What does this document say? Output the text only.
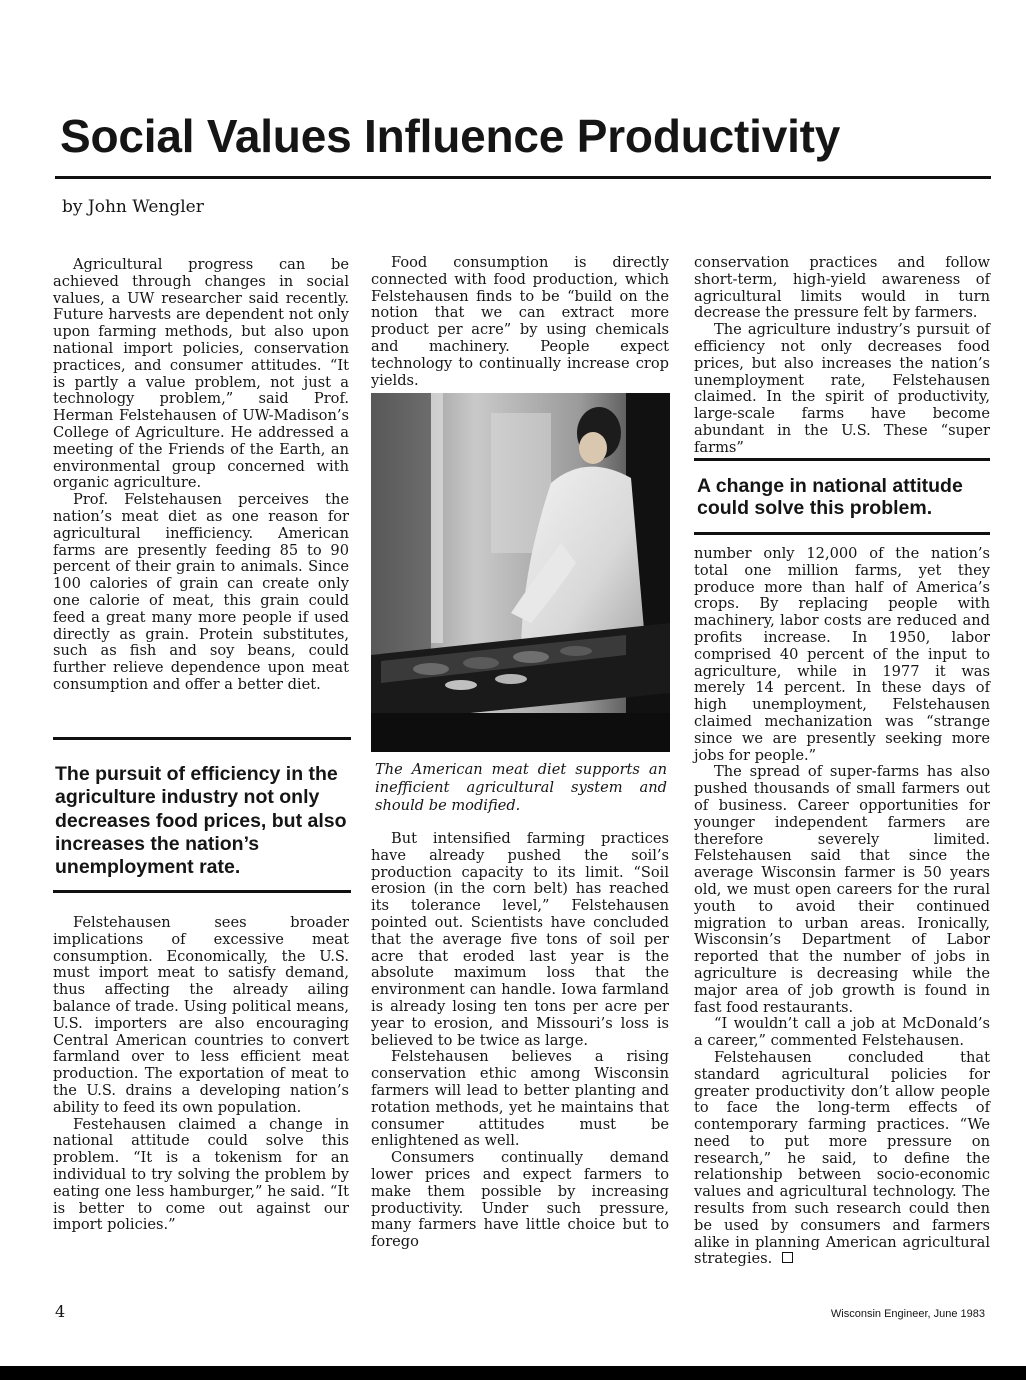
Social Values Influence Productivity

by John Wengler

Agricultural progress can be achieved through changes in social values, a UW researcher said recently. Future harvests are dependent not only upon farming methods, but also upon national import policies, conservation practices, and consumer attitudes. “It is partly a value problem, not just a technology problem,” said Prof. Herman Felstehausen of UW-Madison’s College of Agriculture. He addressed a meeting of the Friends of the Earth, an environmental group concerned with organic agriculture.

Prof. Felstehausen perceives the nation’s meat diet as one reason for agricultural inefficiency. American farms are presently feeding 85 to 90 percent of their grain to animals. Since 100 calories of grain can create only one calorie of meat, this grain could feed a great many more people if used directly as grain. Protein substitutes, such as fish and soy beans, could further relieve dependence upon meat consumption and offer a better diet.

The pursuit of efficiency in the agriculture industry not only decreases food prices, but also increases the nation’s unemployment rate.

Felstehausen sees broader implications of excessive meat consumption. Economically, the U.S. must import meat to satisfy demand, thus affecting the already ailing balance of trade. Using political means, U.S. importers are also encouraging Central American countries to convert farmland over to less efficient meat production. The exportation of meat to the U.S. drains a developing nation’s ability to feed its own population.

Festehausen claimed a change in national attitude could solve this problem. “It is a tokenism for an individual to try solving the problem by eating one less hamburger,” he said. “It is better to come out against our import policies.”

Food consumption is directly connected with food production, which Felstehausen finds to be “build on the notion that we can extract more product per acre” by using chemicals and machinery. People expect technology to continually increase crop yields.

The American meat diet supports an inefficient agricultural system and should be modified.

But intensified farming practices have already pushed the soil’s production capacity to its limit. “Soil erosion (in the corn belt) has reached its tolerance level,” Felstehausen pointed out. Scientists have concluded that the average five tons of soil per acre that eroded last year is the absolute maximum loss that the environment can handle. Iowa farmland is already losing ten tons per acre per year to erosion, and Missouri’s loss is believed to be twice as large.

Felstehausen believes a rising conservation ethic among Wisconsin farmers will lead to better planting and rotation methods, yet he maintains that consumer attitudes must be enlightened as well.

Consumers continually demand lower prices and expect farmers to make them possible by increasing productivity. Under such pressure, many farmers have little choice but to forego

conservation practices and follow short-term, high-yield awareness of agricultural limits would in turn decrease the pressure felt by farmers.

The agriculture industry’s pursuit of efficiency not only decreases food prices, but also increases the nation’s unemployment rate, Felstehausen claimed. In the spirit of productivity, large-scale farms have become abundant in the U.S. These “super farms”

A change in national attitude could solve this problem.

number only 12,000 of the nation’s total one million farms, yet they produce more than half of America’s crops. By replacing people with machinery, labor costs are reduced and profits increase. In 1950, labor comprised 40 percent of the input to agriculture, while in 1977 it was merely 14 percent. In these days of high unemployment, Felstehausen claimed mechanization was “strange since we are presently seeking more jobs for people.”

The spread of super-farms has also pushed thousands of small farmers out of business. Career opportunities for younger independent farmers are therefore severely limited. Felstehausen said that since the average Wisconsin farmer is 50 years old, we must open careers for the rural youth to avoid their continued migration to urban areas. Ironically, Wisconsin’s Department of Labor reported that the number of jobs in agriculture is decreasing while the major area of job growth is found in fast food restaurants.

“I wouldn’t call a job at McDonald’s a career,” commented Felstehausen.

Felstehausen concluded that standard agricultural policies for greater productivity don’t allow people to face the long-term effects of contemporary farming practices. “We need to put more pressure on research,” he said, to define the relationship between socio-economic values and agricultural technology. The results from such research could then be used by consumers and farmers alike in planning American agricultural strategies.

4	Wisconsin Engineer, June 1983
